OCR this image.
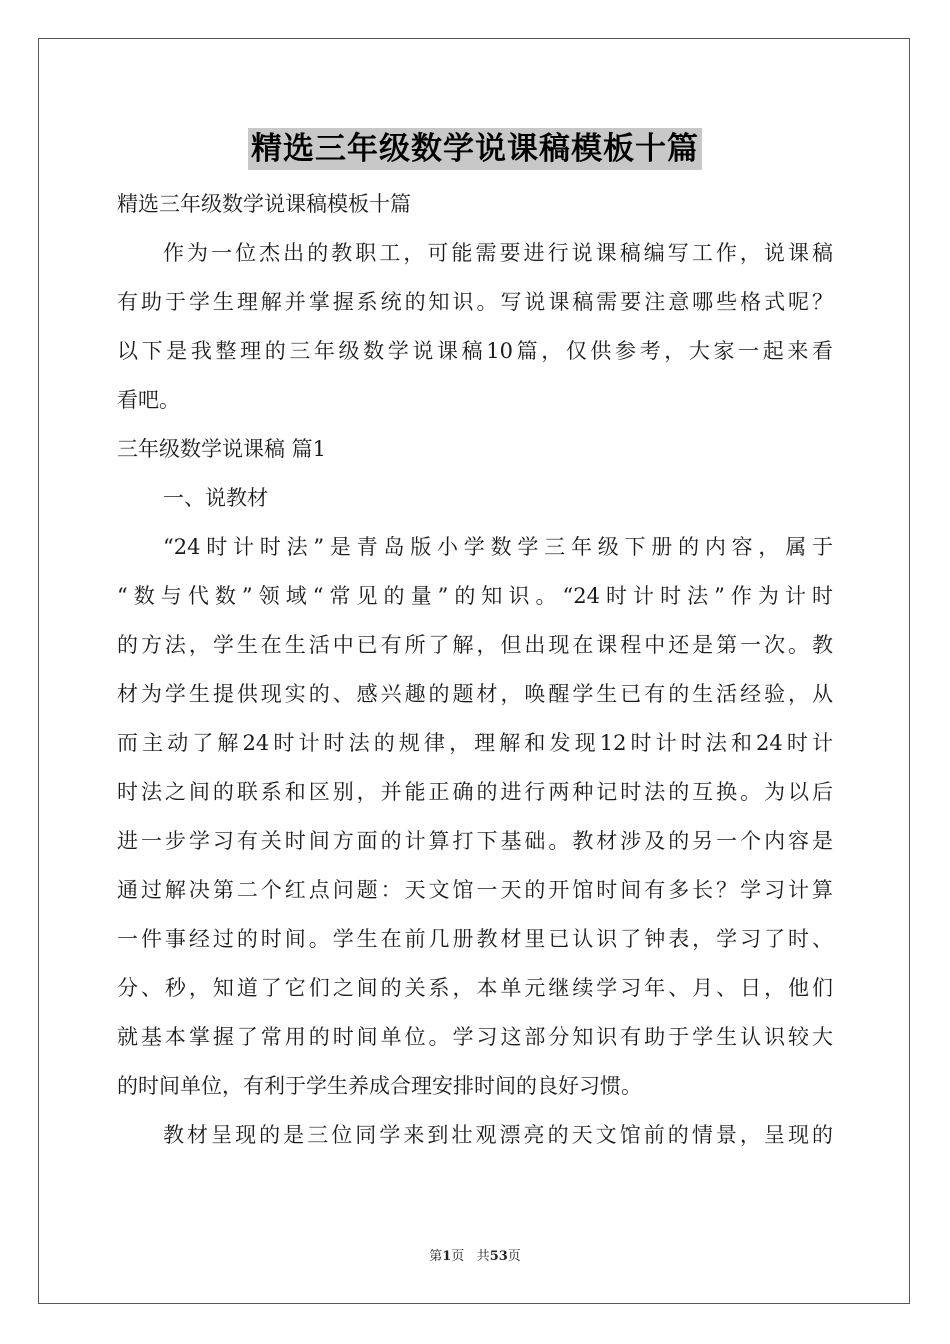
精选三年级数学说课稿模板十篇
精选三年级数学说课稿模板十篇
作为一位杰出的教职工，可能需要进行说课稿编写工作，说课稿
有助于学生理解并掌握系统的知识。写说课稿需要注意哪些格式呢？
以下是我整理的三年级数学说课稿10篇，仅供参考，大家一起来看
看吧。
三年级数学说课稿 篇1
一、说教材
“24时计时法”是青岛版小学数学三年级下册的内容，属于
“数与代数”领域“常见的量”的知识。“24时计时法”作为计时
的方法，学生在生活中已有所了解，但出现在课程中还是第一次。教
材为学生提供现实的、感兴趣的题材，唤醒学生已有的生活经验，从
而主动了解24时计时法的规律，理解和发现12时计时法和24时计
时法之间的联系和区别，并能正确的进行两种记时法的互换。为以后
进一步学习有关时间方面的计算打下基础。教材涉及的另一个内容是
通过解决第二个红点问题：天文馆一天的开馆时间有多长？学习计算
一件事经过的时间。学生在前几册教材里已认识了钟表，学习了时、
分、秒，知道了它们之间的关系，本单元继续学习年、月、日，他们
就基本掌握了常用的时间单位。学习这部分知识有助于学生认识较大
的时间单位，有利于学生养成合理安排时间的良好习惯。
教材呈现的是三位同学来到壮观漂亮的天文馆前的情景，呈现的
第1页 共53页
